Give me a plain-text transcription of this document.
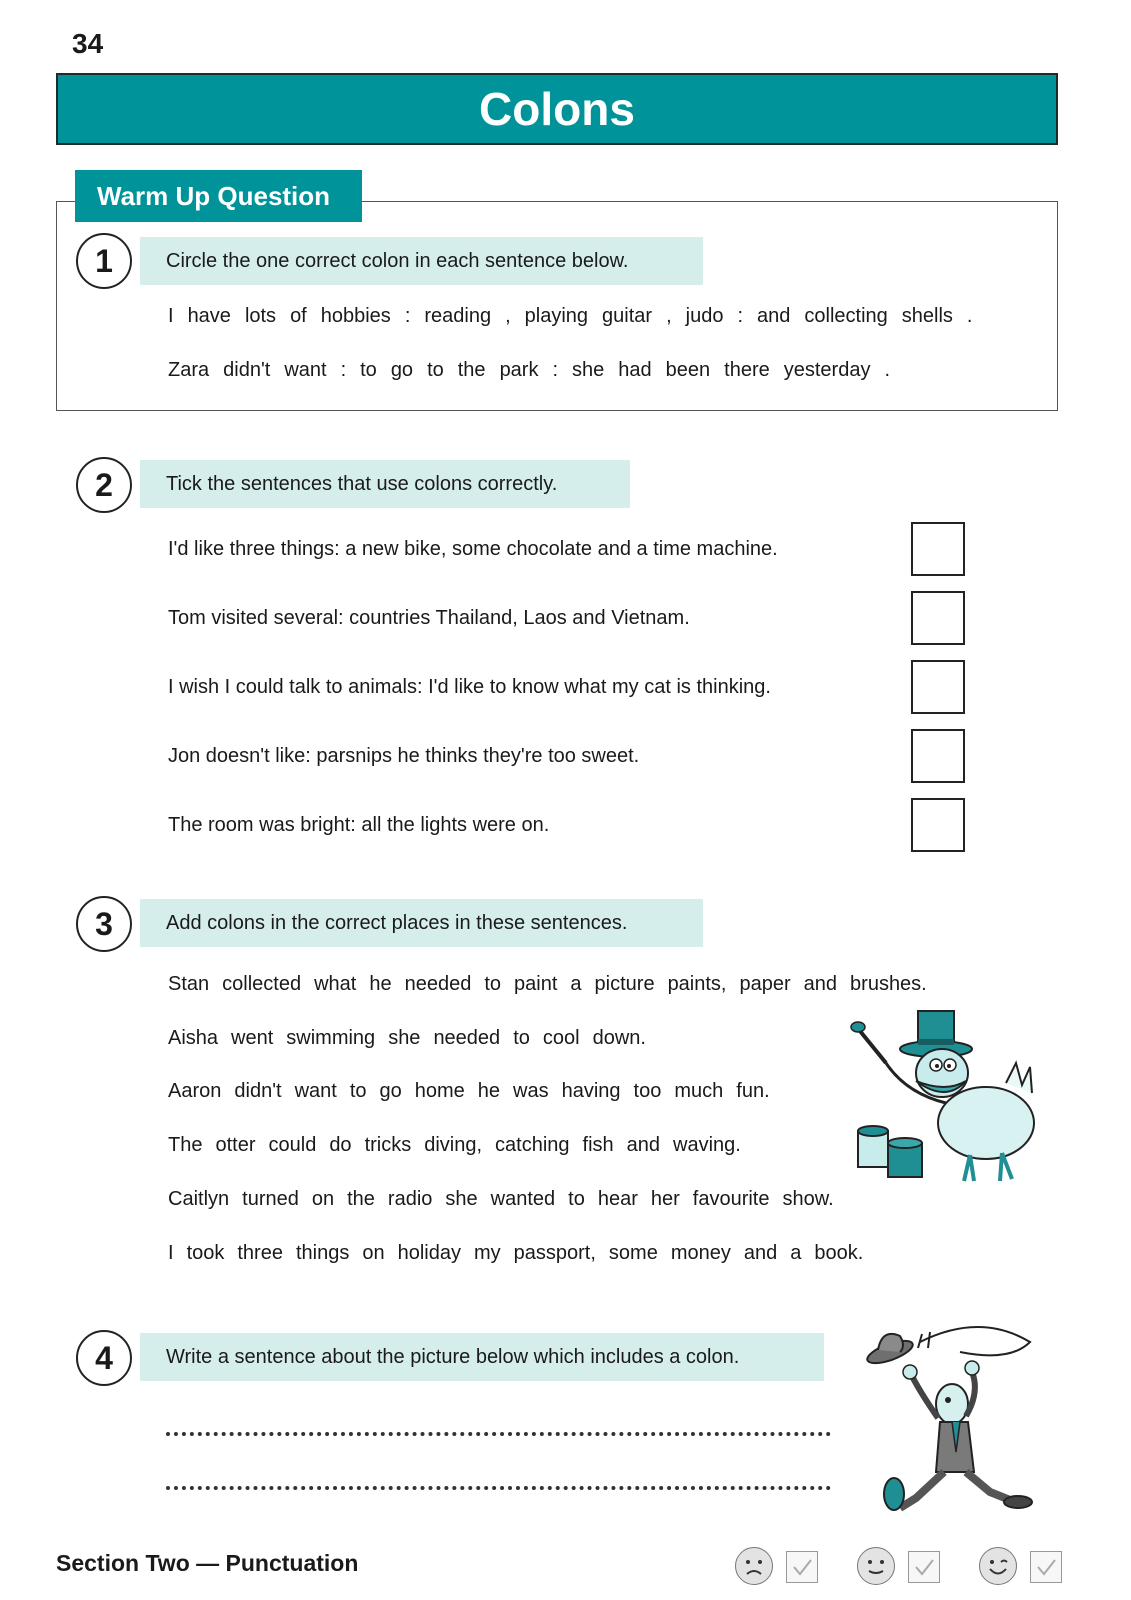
34
Colons
Warm Up Question
1	Circle the one correct colon in each sentence below.
I have lots of hobbies : reading , playing guitar , judo : and collecting shells .
Zara didn't want : to go to the park : she had been there yesterday .
2	Tick the sentences that use colons correctly.
I'd like three things: a new bike, some chocolate and a time machine.
Tom visited several: countries Thailand, Laos and Vietnam.
I wish I could talk to animals: I'd like to know what my cat is thinking.
Jon doesn't like: parsnips he thinks they're too sweet.
The room was bright: all the lights were on.
3	Add colons in the correct places in these sentences.
Stan collected what he needed to paint a picture paints, paper and brushes.
Aisha went swimming she needed to cool down.
Aaron didn't want to go home he was having too much fun.
The otter could do tricks diving, catching fish and waving.
Caitlyn turned on the radio she wanted to hear her favourite show.
I took three things on holiday my passport, some money and a book.
4	Write a sentence about the picture below which includes a colon.
Section Two — Punctuation
